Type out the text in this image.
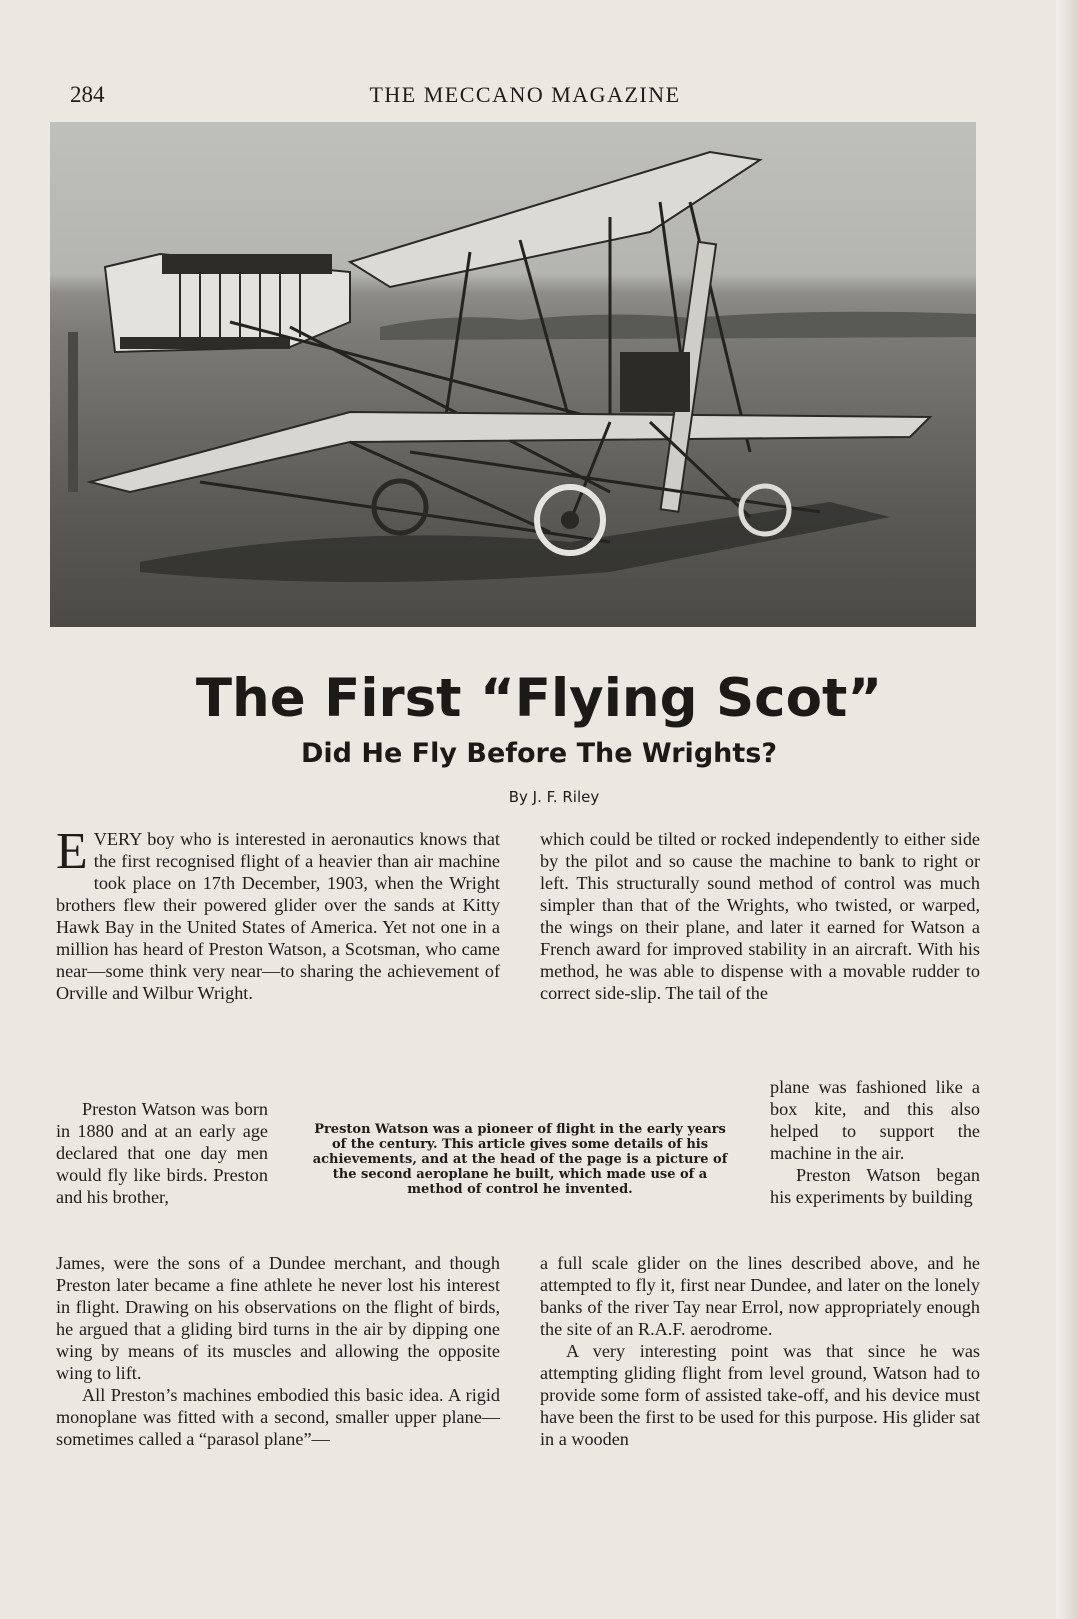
284	THE MECCANO MAGAZINE
The First “Flying Scot”
Did He Fly Before The Wrights?
By J. F. Riley

EVERY boy who is interested in aeronautics knows that the first recognised flight of a heavier than air machine took place on 17th December, 1903, when the Wright brothers flew their powered glider over the sands at Kitty Hawk Bay in the United States of America. Yet not one in a million has heard of Preston Watson, a Scotsman, who came near—some think very near—to sharing the achievement of Orville and Wilbur Wright.

Preston Watson was born in 1880 and at an early age declared that one day men would fly like birds. Preston and his brother,

Preston Watson was a pioneer of flight in the early years of the century. This article gives some details of his achievements, and at the head of the page is a picture of the second aeroplane he built, which made use of a method of control he invented.

James, were the sons of a Dundee merchant, and though Preston later became a fine athlete he never lost his interest in flight. Drawing on his observations on the flight of birds, he argued that a gliding bird turns in the air by dipping one wing by means of its muscles and allowing the opposite wing to lift.

All Preston’s machines embodied this basic idea. A rigid monoplane was fitted with a second, smaller upper plane—sometimes called a “parasol plane”—

which could be tilted or rocked independently to either side by the pilot and so cause the machine to bank to right or left. This structurally sound method of control was much simpler than that of the Wrights, who twisted, or warped, the wings on their plane, and later it earned for Watson a French award for improved stability in an aircraft. With his method, he was able to dispense with a movable rudder to correct side-slip. The tail of the

plane was fashioned like a box kite, and this also helped to support the machine in the air.

Preston Watson began his experiments by building

a full scale glider on the lines described above, and he attempted to fly it, first near Dundee, and later on the lonely banks of the river Tay near Errol, now appropriately enough the site of an R.A.F. aerodrome.

A very interesting point was that since he was attempting gliding flight from level ground, Watson had to provide some form of assisted take-off, and his device must have been the first to be used for this purpose. His glider sat in a wooden
